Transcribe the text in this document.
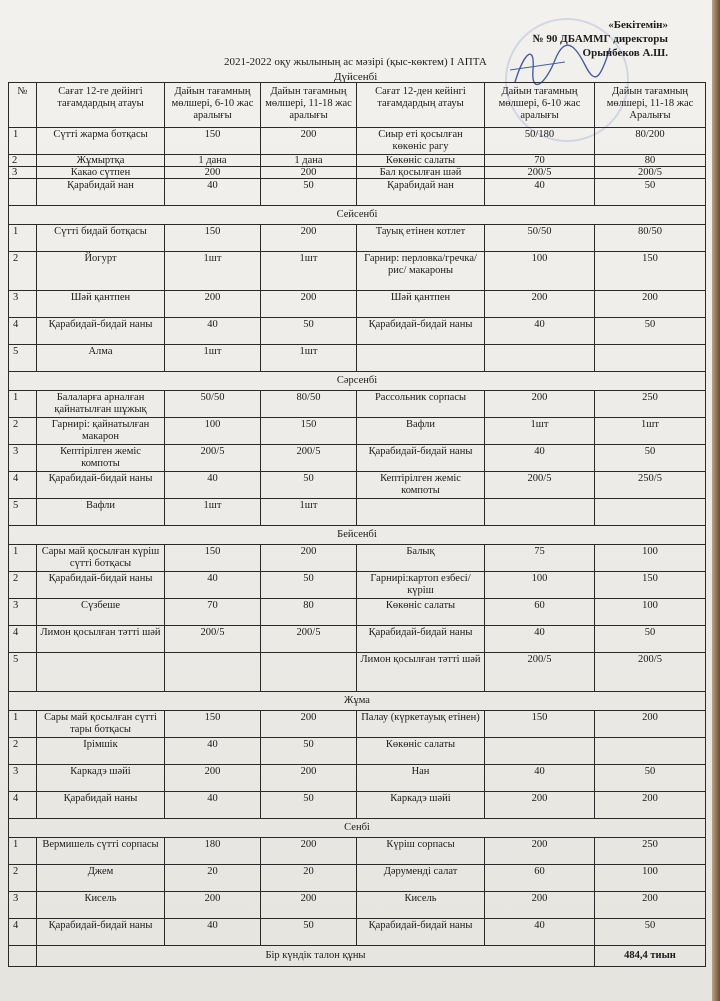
«Бекітемін»
№ 90 ДБАММГ директоры
Орынбеков А.Ш.
2021-2022 оқу жылының ас мәзірі (қыс-көктем) І АПТА
Дүйсенбі
№	Сағат 12-ге дейінгі тағамдардың атауы	Дайын тағамның мөлшері, 6-10 жас аралығы	Дайын тағамның мөлшері, 11-18 жас аралығы	Сағат 12-ден кейінгі тағамдардың атауы	Дайын тағамның мөлшері, 6-10 жас аралығы	Дайын тағамның мөлшері, 11-18 жас Аралығы
1	Сүтті жарма ботқасы	150	200	Сиыр еті қосылған көкөніс рагу	50/180	80/200
2	Жұмыртқа	1 дана	1 дана	Көкөніс салаты	70	80
3	Какао сүтпен	200	200	Бал қосылған шәй	200/5	200/5
	Қарабидай нан	40	50	Қарабидай нан	40	50
Сейсенбі						
1	Сүтті бидай ботқасы	150	200	Тауық етінен котлет	50/50	80/50
2	Йогурт	1шт	1шт	Гарнир: перловка/гречка/рис/ макароны	100	150
3	Шәй қантпен	200	200	Шәй қантпен	200	200
4	Қарабидай-бидай наны	40	50	Қарабидай-бидай наны	40	50
5	Алма	1шт	1шт			
Сәрсенбі						
1	Балаларға арналған қайнатылған шұжық	50/50	80/50	Рассольник сорпасы	200	250
2	Гарнирі: қайнатылған макарон	100	150	Вафли	1шт	1шт
3	Кептірілген жеміс компоты	200/5	200/5	Қарабидай-бидай наны	40	50
4	Қарабидай-бидай наны	40	50	Кептірілген жеміс компоты	200/5	250/5
5	Вафли	1шт	1шт			
Бейсенбі						
1	Сары май қосылған күріш сүтті ботқасы	150	200	Балық	75	100
2	Қарабидай-бидай наны	40	50	Гарнирі:картоп езбесі/ күріш	100	150
3	Сүзбеше	70	80	Көкөніс салаты	60	100
4	Лимон қосылған тәтті шәй	200/5	200/5	Қарабидай-бидай наны	40	50
5				Лимон қосылған тәтті шәй	200/5	200/5
Жұма						
1	Сары май қосылған сүтті тары ботқасы	150	200	Палау (күркетауық етінен)	150	200
2	Ірімшік	40	50	Көкөніс салаты		
3	Каркадэ шәйі	200	200	Нан	40	50
4	Қарабидай наны	40	50	Каркадэ шәйі	200	200
Сенбі						
1	Вермишель сүтті сорпасы	180	200	Күріш сорпасы	200	250
2	Джем	20	20	Дәруменді салат	60	100
3	Кисель	200	200	Кисель	200	200
4	Қарабидай-бидай наны	40	50	Қарабидай-бидай наны	40	50
	Бір күндік талон құны					484,4 тиын
